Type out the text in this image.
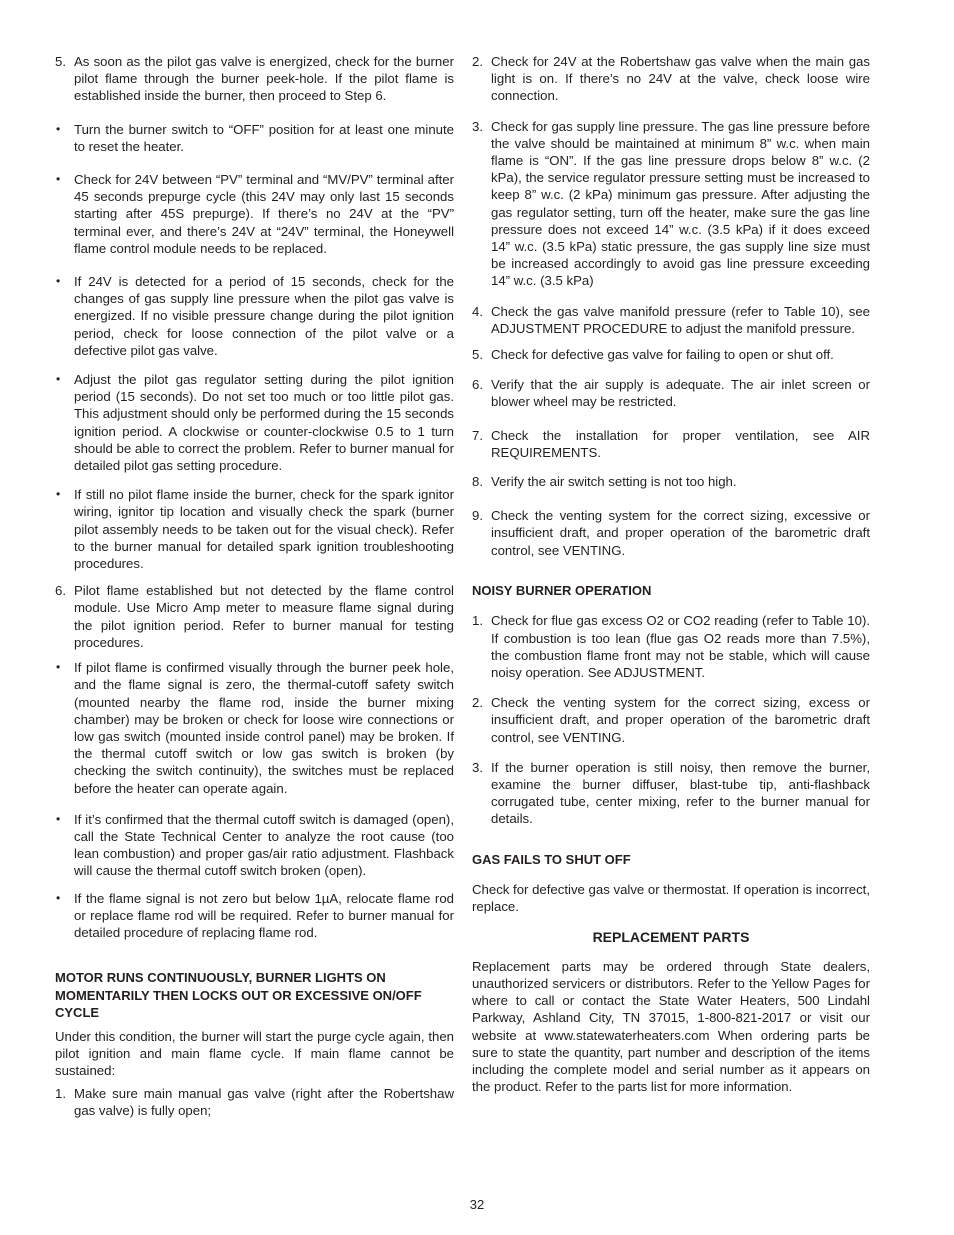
5. As soon as the pilot gas valve is energized, check for the burner pilot flame through the burner peek-hole. If the pilot flame is established inside the burner, then proceed to Step 6.
• Turn the burner switch to “OFF” position for at least one minute to reset the heater.
• Check for 24V between “PV” terminal and “MV/PV” terminal after 45 seconds prepurge cycle (this 24V may only last 15 seconds starting after 45S prepurge). If there’s no 24V at the “PV” terminal ever, and there’s 24V at “24V” terminal, the Honeywell flame control module needs to be replaced.
• If 24V is detected for a period of 15 seconds, check for the changes of gas supply line pressure when the pilot gas valve is energized. If no visible pressure change during the pilot ignition period, check for loose connection of the pilot valve or a defective pilot gas valve.
• Adjust the pilot gas regulator setting during the pilot ignition period (15 seconds). Do not set too much or too little pilot gas. This adjustment should only be performed during the 15 seconds ignition period. A clockwise or counter-clockwise 0.5 to 1 turn should be able to correct the problem. Refer to burner manual for detailed pilot gas setting procedure.
• If still no pilot flame inside the burner, check for the spark ignitor wiring, ignitor tip location and visually check the spark (burner pilot assembly needs to be taken out for the visual check). Refer to the burner manual for detailed spark ignition troubleshooting procedures.
6. Pilot flame established but not detected by the flame control module. Use Micro Amp meter to measure flame signal during the pilot ignition period. Refer to burner manual for testing procedures.
• If pilot flame is confirmed visually through the burner peek hole, and the flame signal is zero, the thermal-cutoff safety switch (mounted nearby the flame rod, inside the burner mixing chamber) may be broken or check for loose wire connections or low gas switch (mounted inside control panel) may be broken. If the thermal cutoff switch or low gas switch is broken (by checking the switch continuity), the switches must be replaced before the heater can operate again.
• If it’s confirmed that the thermal cutoff switch is damaged (open), call the State Technical Center to analyze the root cause (too lean combustion) and proper gas/air ratio adjustment. Flashback will cause the thermal cutoff switch broken (open).
• If the flame signal is not zero but below 1µA, relocate flame rod or replace flame rod will be required. Refer to burner manual for detailed procedure of replacing flame rod.
MOTOR RUNS CONTINUOUSLY, BURNER LIGHTS ON MOMENTARILY THEN LOCKS OUT OR EXCESSIVE ON/OFF CYCLE
Under this condition, the burner will start the purge cycle again, then pilot ignition and main flame cycle. If main flame cannot be sustained:
1. Make sure main manual gas valve (right after the Robertshaw gas valve) is fully open;
2. Check for 24V at the Robertshaw gas valve when the main gas light is on. If there’s no 24V at the valve, check loose wire connection.
3. Check for gas supply line pressure. The gas line pressure before the valve should be maintained at minimum 8” w.c. when main flame is “ON”. If the gas line pressure drops below 8” w.c. (2 kPa), the service regulator pressure setting must be increased to keep 8” w.c. (2 kPa) minimum gas pressure. After adjusting the gas regulator setting, turn off the heater, make sure the gas line pressure does not exceed 14” w.c. (3.5 kPa) if it does exceed 14” w.c. (3.5 kPa) static pressure, the gas supply line size must be increased accordingly to avoid gas line pressure exceeding 14” w.c. (3.5 kPa)
4. Check the gas valve manifold pressure (refer to Table 10), see ADJUSTMENT PROCEDURE to adjust the manifold pressure.
5. Check for defective gas valve for failing to open or shut off.
6. Verify that the air supply is adequate. The air inlet screen or blower wheel may be restricted.
7. Check the installation for proper ventilation, see AIR REQUIREMENTS.
8. Verify the air switch setting is not too high.
9. Check the venting system for the correct sizing, excessive or insufficient draft, and proper operation of the barometric draft control, see VENTING.
NOISY BURNER OPERATION
1. Check for flue gas excess O2 or CO2 reading (refer to Table 10). If combustion is too lean (flue gas O2 reads more than 7.5%), the combustion flame front may not be stable, which will cause noisy operation. See ADJUSTMENT.
2. Check the venting system for the correct sizing, excess or insufficient draft, and proper operation of the barometric draft control, see VENTING.
3. If the burner operation is still noisy, then remove the burner, examine the burner diffuser, blast-tube tip, anti-flashback corrugated tube, center mixing, refer to the burner manual for details.
GAS FAILS TO SHUT OFF
Check for defective gas valve or thermostat. If operation is incorrect, replace.
REPLACEMENT PARTS
Replacement parts may be ordered through State dealers, unauthorized servicers or distributors. Refer to the Yellow Pages for where to call or contact the State Water Heaters, 500 Lindahl Parkway, Ashland City, TN 37015, 1-800-821-2017 or visit our website at www.statewaterheaters.com When ordering parts be sure to state the quantity, part number and description of the items including the complete model and serial number as it appears on the product. Refer to the parts list for more information.
32
